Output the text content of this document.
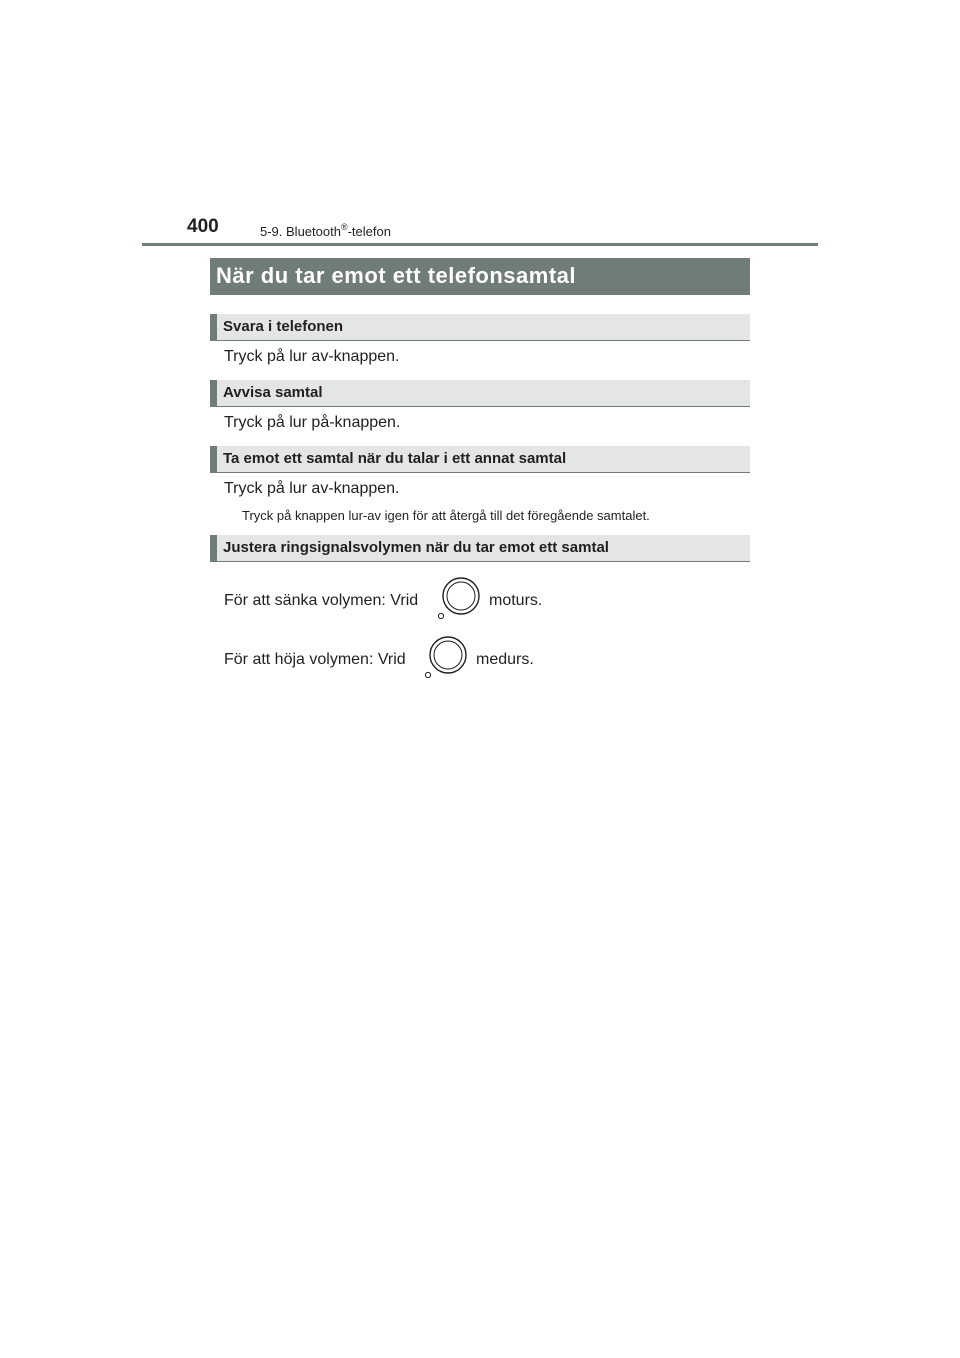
400	5-9. Bluetooth®-telefon
När du tar emot ett telefonsamtal
Svara i telefonen
Tryck på lur av-knappen.
Avvisa samtal
Tryck på lur på-knappen.
Ta emot ett samtal när du talar i ett annat samtal
Tryck på lur av-knappen.
Tryck på knappen lur-av igen för att återgå till det föregående samtalet.
Justera ringsignalsvolymen när du tar emot ett samtal
För att sänka volymen: Vrid	moturs.
För att höja volymen: Vrid	medurs.
